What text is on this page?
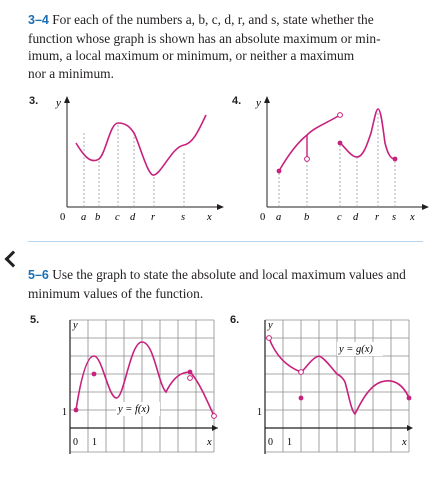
3–4 For each of the numbers a, b, c, d, r, and s, state whether the

function whose graph is shown has an absolute maximum or min-

imum, a local maximum or minimum, or neither a maximum

nor a minimum.

3. y
0 a b c d r s x
4. y
0 a b	c d r s x

5–6 Use the graph to state the absolute and local maximum values and

minimum values of the function.

5.	y
1
0 1	x
y = f(x)
6.	y
1
0 1	x
y = g(x)
